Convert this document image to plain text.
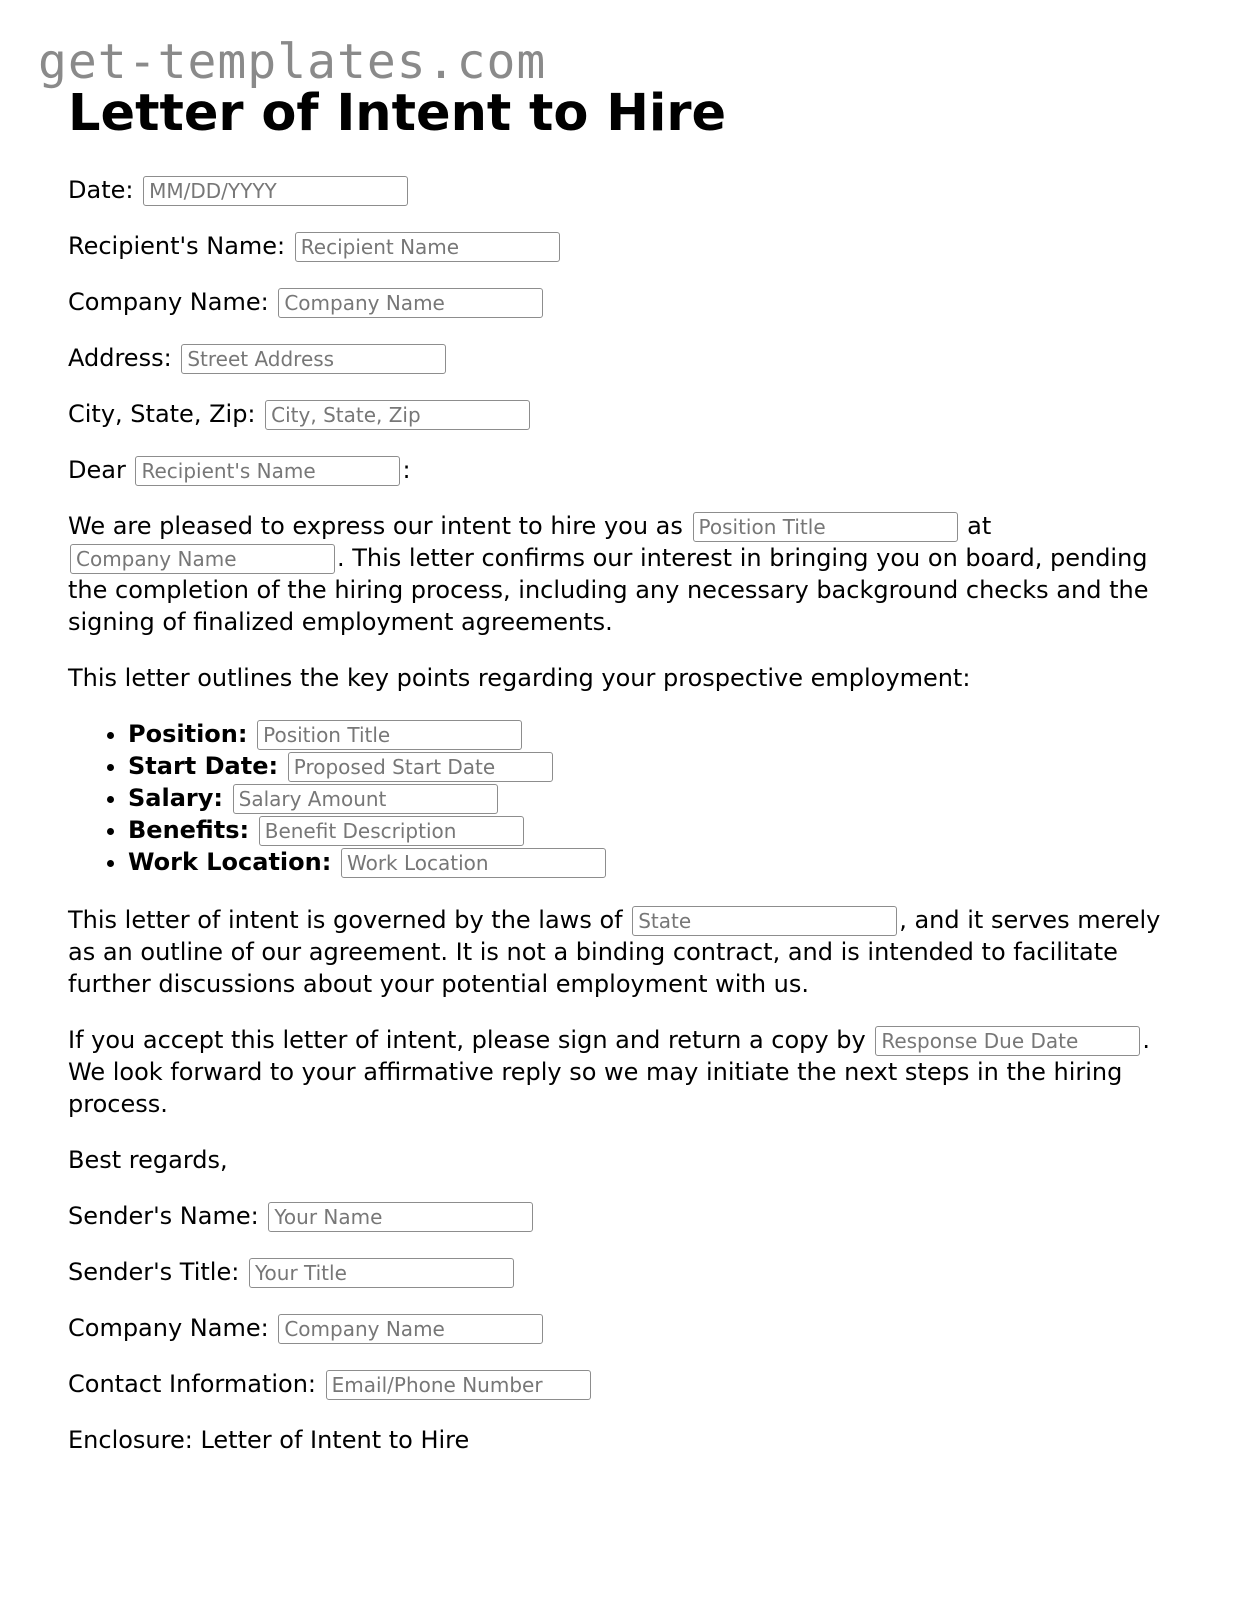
get-templates.com
Letter of Intent to Hire

Date: MM/DD/YYYY

Recipient's Name: Recipient Name

Company Name: Company Name

Address: Street Address

City, State, Zip: City, State, Zip

Dear Recipient's Name	:

We are pleased to express our intent to hire you as Position Title	at Company Name. This letter confirms our interest in bringing you on board, pending the completion of the hiring process, including any necessary background checks and the signing of finalized employment agreements.

This letter outlines the key points regarding your prospective employment:

• Position: Position Title
• Start Date: Proposed Start Date
• Salary: Salary Amount
• Benefits: Benefit Description
• Work Location: Work Location

This letter of intent is governed by the laws of State	, and it serves merely as an outline of our agreement. It is not a binding contract, and is intended to facilitate further discussions about your potential employment with us.

If you accept this letter of intent, please sign and return a copy by Response Due Date	. We look forward to your affirmative reply so we may initiate the next steps in the hiring process.

Best regards,

Sender's Name: Your Name

Sender's Title: Your Title

Company Name: Company Name

Contact Information: Email/Phone Number

Enclosure: Letter of Intent to Hire
